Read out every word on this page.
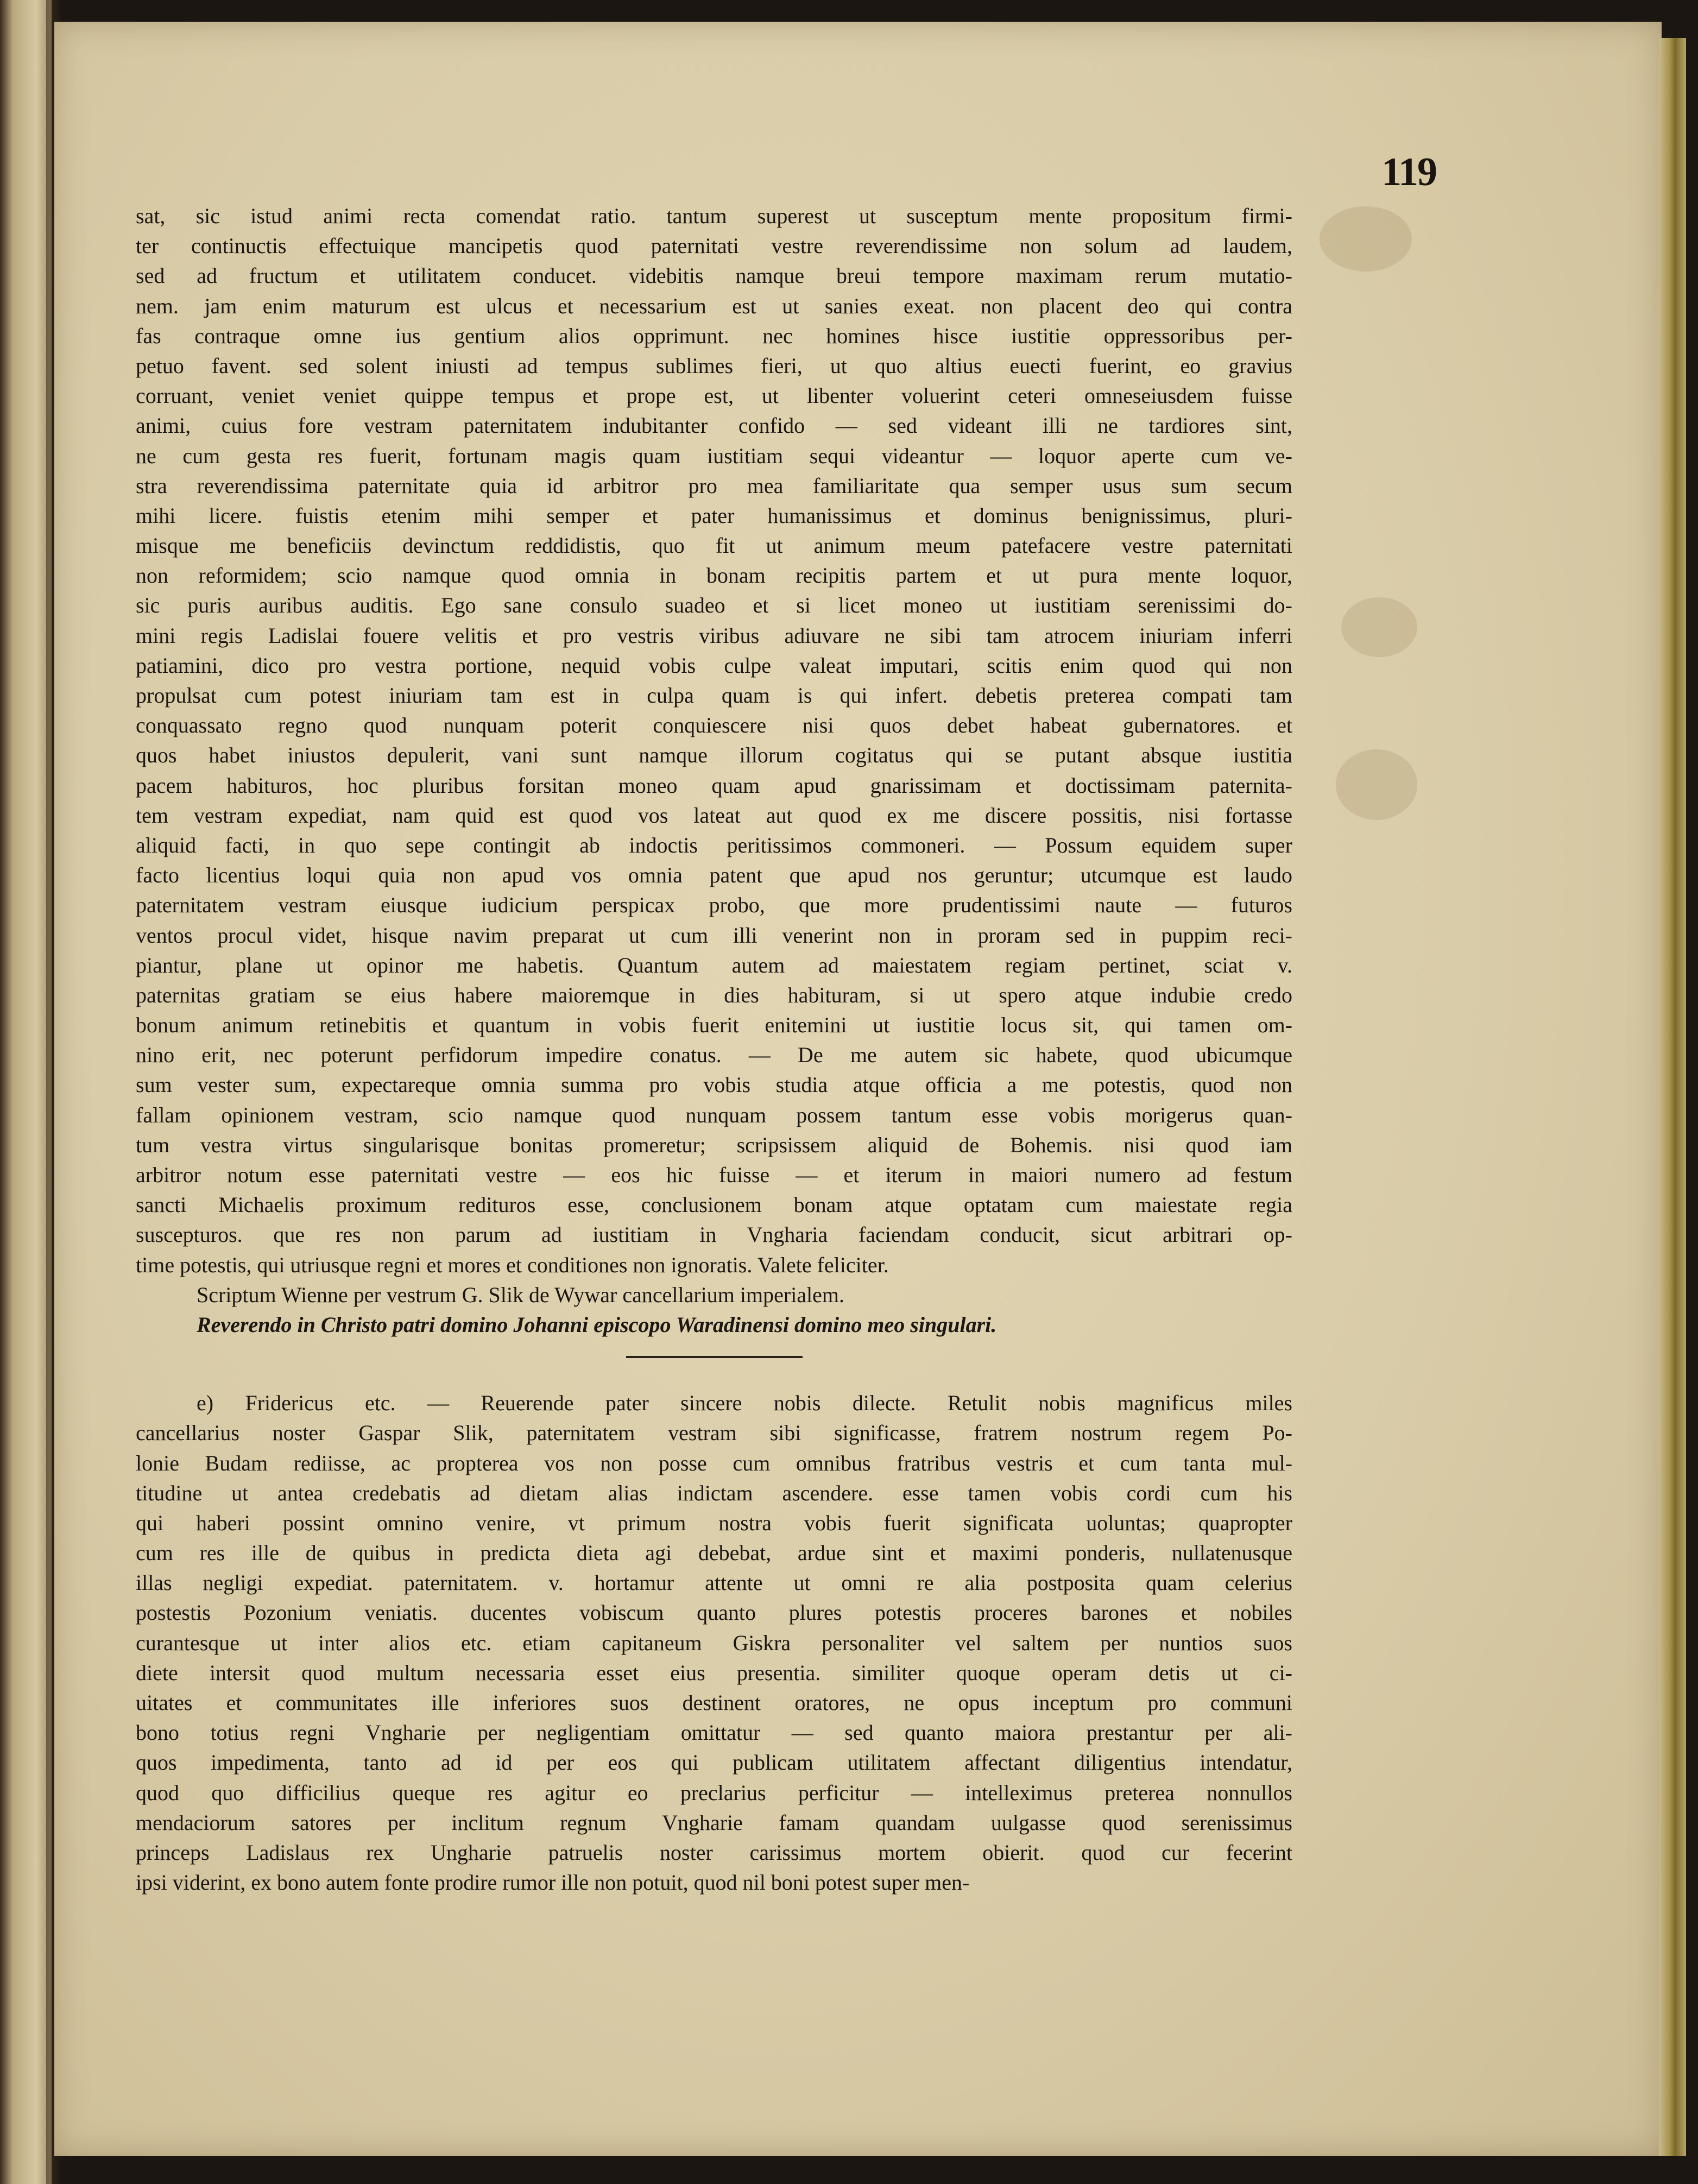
119
sat, sic istud animi recta comendat ratio. tantum superest ut susceptum mente propositum firmi-
ter continuctis effectuique mancipetis quod paternitati vestre reverendissime non solum ad laudem,
sed ad fructum et utilitatem conducet. videbitis namque breui tempore maximam rerum mutatio-
nem. jam enim maturum est ulcus et necessarium est ut sanies exeat. non placent deo qui contra
fas contraque omne ius gentium alios opprimunt. nec homines hisce iustitie oppressoribus per-
petuo favent. sed solent iniusti ad tempus sublimes fieri, ut quo altius euecti fuerint, eo gravius
corruant, veniet veniet quippe tempus et prope est, ut libenter voluerint ceteri omneseiusdem fuisse
animi, cuius fore vestram paternitatem indubitanter confido — sed videant illi ne tardiores sint,
ne cum gesta res fuerit, fortunam magis quam iustitiam sequi videantur — loquor aperte cum ve-
stra reverendissima paternitate quia id arbitror pro mea familiaritate qua semper usus sum secum
mihi licere. fuistis etenim mihi semper et pater humanissimus et dominus benignissimus, pluri-
misque me beneficiis devinctum reddidistis, quo fit ut animum meum patefacere vestre paternitati
non reformidem; scio namque quod omnia in bonam recipitis partem et ut pura mente loquor,
sic puris auribus auditis. Ego sane consulo suadeo et si licet moneo ut iustitiam serenissimi do-
mini regis Ladislai fouere velitis et pro vestris viribus adiuvare ne sibi tam atrocem iniuriam inferri
patiamini, dico pro vestra portione, nequid vobis culpe valeat imputari, scitis enim quod qui non
propulsat cum potest iniuriam tam est in culpa quam is qui infert. debetis preterea compati tam
conquassato regno quod nunquam poterit conquiescere nisi quos debet habeat gubernatores. et
quos habet iniustos depulerit, vani sunt namque illorum cogitatus qui se putant absque iustitia
pacem habituros, hoc pluribus forsitan moneo quam apud gnarissimam et doctissimam paternita-
tem vestram expediat, nam quid est quod vos lateat aut quod ex me discere possitis, nisi fortasse
aliquid facti, in quo sepe contingit ab indoctis peritissimos commoneri. — Possum equidem super
facto licentius loqui quia non apud vos omnia patent que apud nos geruntur; utcumque est laudo
paternitatem vestram eiusque iudicium perspicax probo, que more prudentissimi naute — futuros
ventos procul videt, hisque navim preparat ut cum illi venerint non in proram sed in puppim reci-
piantur, plane ut opinor me habetis. Quantum autem ad maiestatem regiam pertinet, sciat v.
paternitas gratiam se eius habere maioremque in dies habituram, si ut spero atque indubie credo
bonum animum retinebitis et quantum in vobis fuerit enitemini ut iustitie locus sit, qui tamen om-
nino erit, nec poterunt perfidorum impedire conatus. — De me autem sic habete, quod ubicumque
sum vester sum, expectareque omnia summa pro vobis studia atque officia a me potestis, quod non
fallam opinionem vestram, scio namque quod nunquam possem tantum esse vobis morigerus quan-
tum vestra virtus singularisque bonitas promeretur; scripsissem aliquid de Bohemis. nisi quod iam
arbitror notum esse paternitati vestre — eos hic fuisse — et iterum in maiori numero ad festum
sancti Michaelis proximum redituros esse, conclusionem bonam atque optatam cum maiestate regia
suscepturos. que res non parum ad iustitiam in Vngharia faciendam conducit, sicut arbitrari op-
time potestis, qui utriusque regni et mores et conditiones non ignoratis. Valete feliciter.
Scriptum Wienne per vestrum G. Slik de Wywar cancellarium imperialem.
Reverendo in Christo patri domino Johanni episcopo Waradinensi domino meo singulari.
e) Fridericus etc. — Reuerende pater sincere nobis dilecte. Retulit nobis magnificus miles
cancellarius noster Gaspar Slik, paternitatem vestram sibi significasse, fratrem nostrum regem Po-
lonie Budam rediisse, ac propterea vos non posse cum omnibus fratribus vestris et cum tanta mul-
titudine ut antea credebatis ad dietam alias indictam ascendere. esse tamen vobis cordi cum his
qui haberi possint omnino venire, vt primum nostra vobis fuerit significata uoluntas; quapropter
cum res ille de quibus in predicta dieta agi debebat, ardue sint et maximi ponderis, nullatenusque
illas negligi expediat. paternitatem. v. hortamur attente ut omni re alia postposita quam celerius
postestis Pozonium veniatis. ducentes vobiscum quanto plures potestis proceres barones et nobiles
curantesque ut inter alios etc. etiam capitaneum Giskra personaliter vel saltem per nuntios suos
diete intersit quod multum necessaria esset eius presentia. similiter quoque operam detis ut ci-
uitates et communitates ille inferiores suos destinent oratores, ne opus inceptum pro communi
bono totius regni Vngharie per negligentiam omittatur — sed quanto maiora prestantur per ali-
quos impedimenta, tanto ad id per eos qui publicam utilitatem affectant diligentius intendatur,
quod quo difficilius queque res agitur eo preclarius perficitur — intelleximus preterea nonnullos
mendaciorum satores per inclitum regnum Vngharie famam quandam uulgasse quod serenissimus
princeps Ladislaus rex Ungharie patruelis noster carissimus mortem obierit. quod cur fecerint
ipsi viderint, ex bono autem fonte prodire rumor ille non potuit, quod nil boni potest super men-
